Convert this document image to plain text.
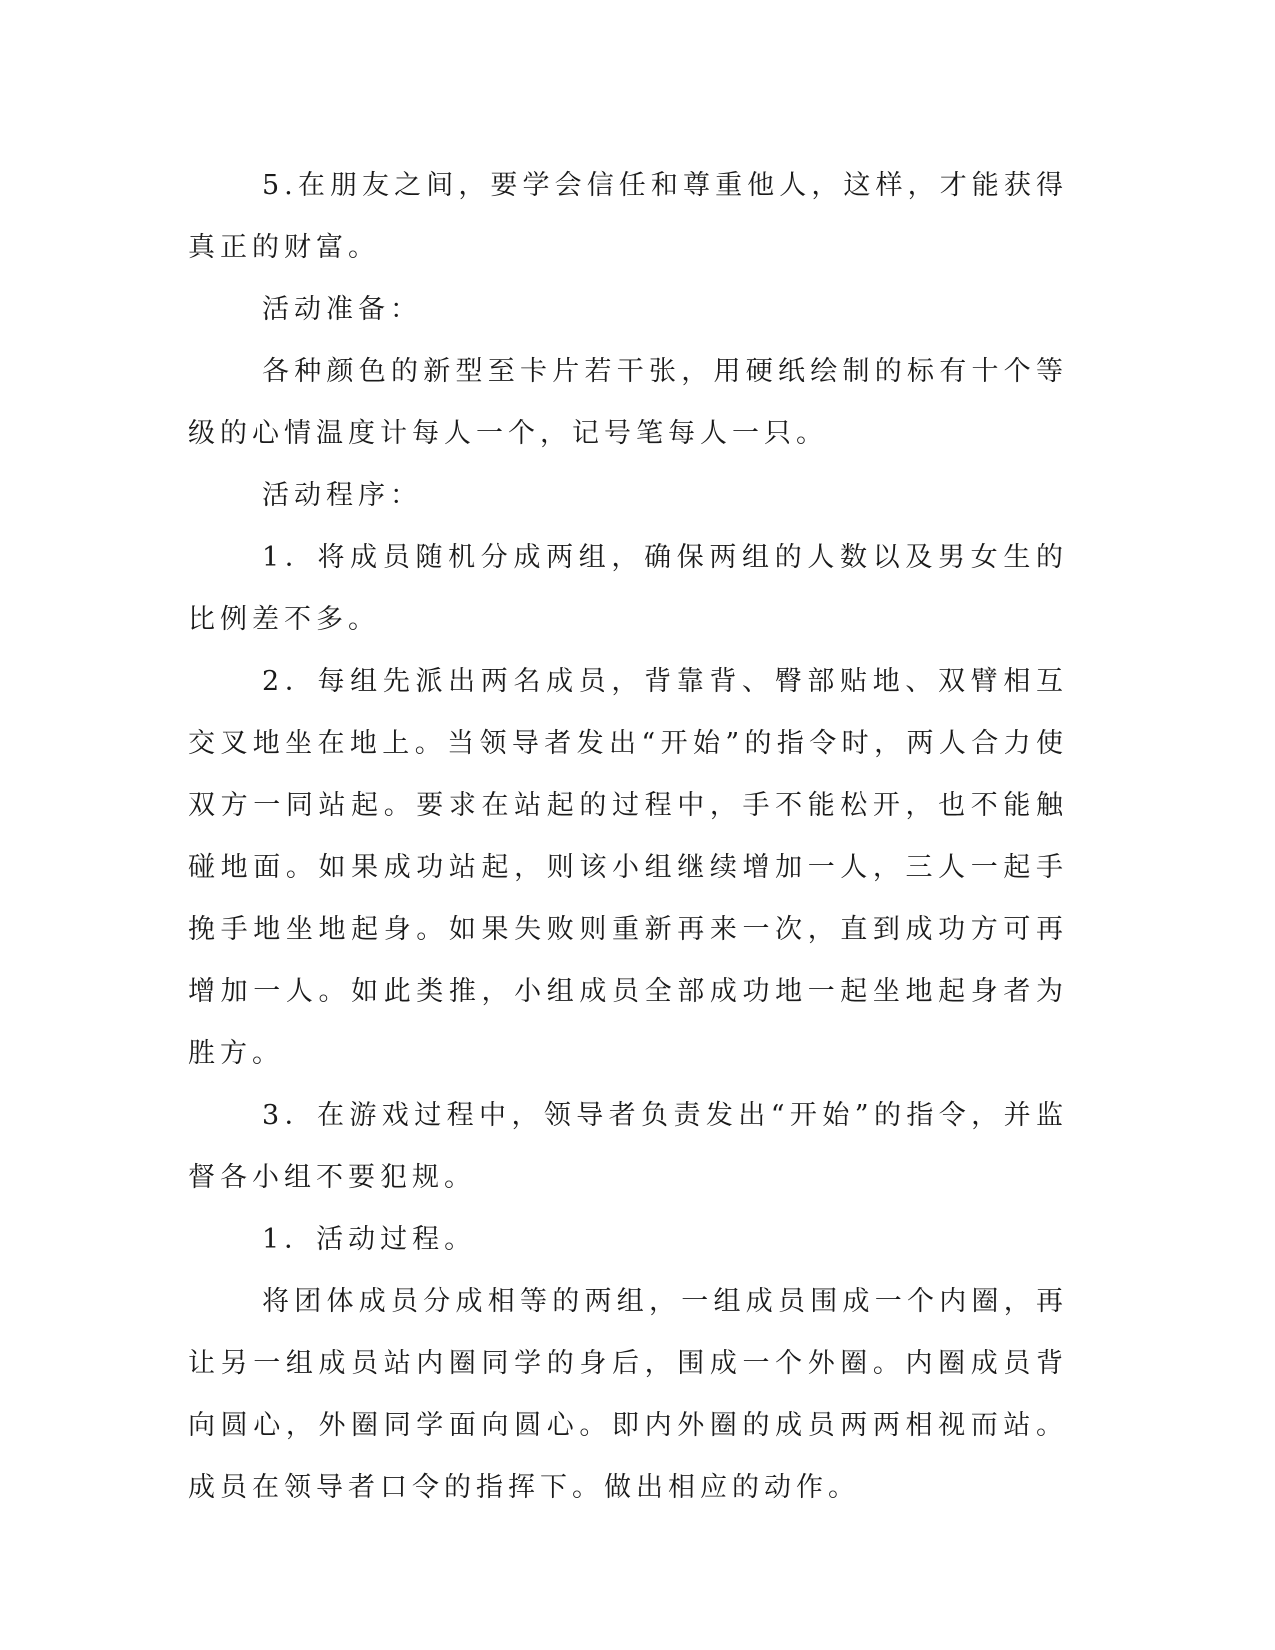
5.在朋友之间，要学会信任和尊重他人，这样，才能获得真正的财富。

活动准备：

各种颜色的新型至卡片若干张，用硬纸绘制的标有十个等级的心情温度计每人一个，记号笔每人一只。

活动程序：

1．将成员随机分成两组，确保两组的人数以及男女生的比例差不多。

2．每组先派出两名成员，背靠背、臀部贴地、双臂相互交叉地坐在地上。当领导者发出“开始”的指令时，两人合力使双方一同站起。要求在站起的过程中，手不能松开，也不能触碰地面。如果成功站起，则该小组继续增加一人，三人一起手挽手地坐地起身。如果失败则重新再来一次，直到成功方可再增加一人。如此类推，小组成员全部成功地一起坐地起身者为胜方。

3．在游戏过程中，领导者负责发出“开始”的指令，并监督各小组不要犯规。

1．活动过程。

将团体成员分成相等的两组，一组成员围成一个内圈，再让另一组成员站内圈同学的身后，围成一个外圈。内圈成员背向圆心，外圈同学面向圆心。即内外圈的成员两两相视而站。成员在领导者口令的指挥下。做出相应的动作。
